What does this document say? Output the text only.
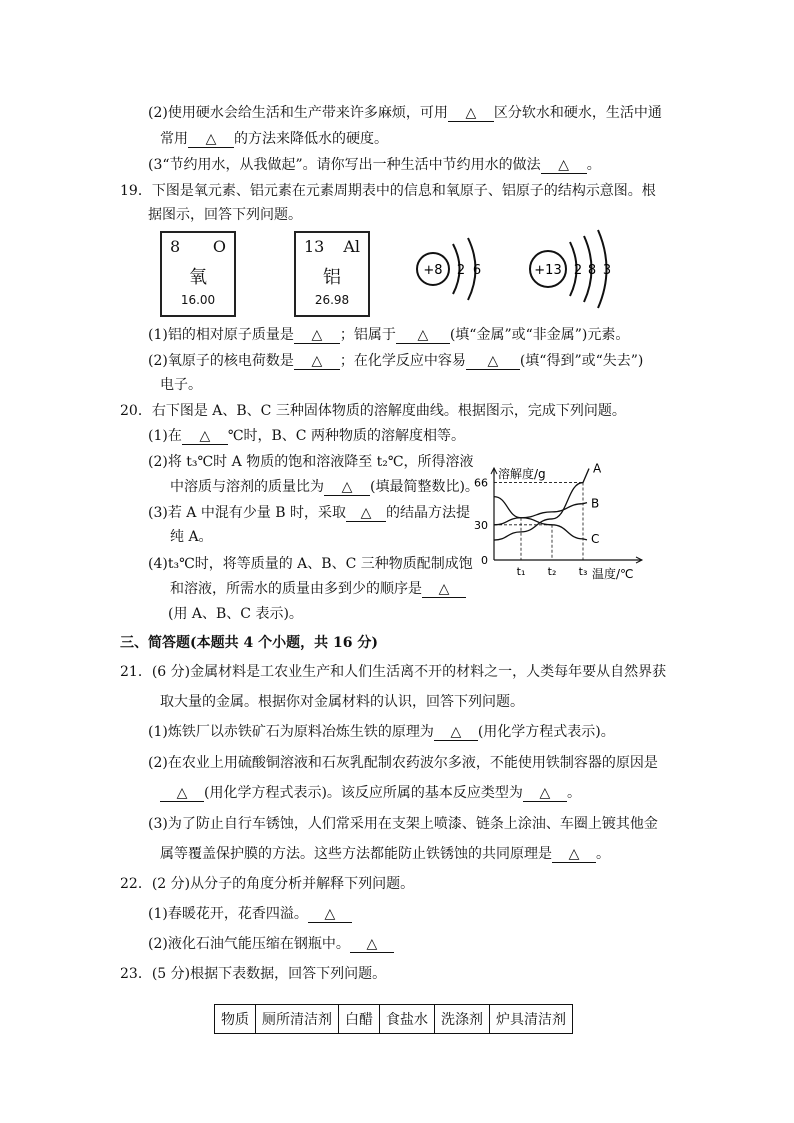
(2)使用硬水会给生活和生产带来许多麻烦，可用 △ 区分软水和硬水，生活中通
常用 △ 的方法来降低水的硬度。
(3“节约用水，从我做起”。请你写出一种生活中节约用水的做法 △ 。
19．下图是氧元素、铝元素在元素周期表中的信息和氧原子、铝原子的结构示意图。根
据图示，回答下列问题。
8 O
氧
16.00
13 Al
铝
26.98
+8 2 6	+13 2 8 3
(1)铝的相对原子质量是 △ ；铝属于 △ (填“金属”或“非金属”)元素。
(2)氧原子的核电荷数是 △ ；在化学反应中容易 △ (填“得到”或“失去”)
电子。
20．右下图是 A、B、C 三种固体物质的溶解度曲线。根据图示，完成下列问题。
(1)在 △ ℃时，B、C 两种物质的溶解度相等。
(2)将 t₃℃时 A 物质的饱和溶液降至 t₂℃，所得溶液
中溶质与溶剂的质量比为 △ (填最简整数比)。
(3)若 A 中混有少量 B 时，采取 △ 的结晶方法提
纯 A。
(4)t₃℃时，将等质量的 A、B、C 三种物质配制成饱
和溶液，所需水的质量由多到少的顺序是 △
(用 A、B、C 表示)。
溶解度/g
温度/℃
66
30
0
t₁ t₂ t₃
A
B
C
三、简答题(本题共 4 个小题，共 16 分)
21．(6 分)金属材料是工农业生产和人们生活离不开的材料之一，人类每年要从自然界获
取大量的金属。根据你对金属材料的认识，回答下列问题。
(1)炼铁厂以赤铁矿石为原料冶炼生铁的原理为 △ (用化学方程式表示)。
(2)在农业上用硫酸铜溶液和石灰乳配制农药波尔多液，不能使用铁制容器的原因是
△ (用化学方程式表示)。该反应所属的基本反应类型为 △ 。
(3)为了防止自行车锈蚀，人们常采用在支架上喷漆、链条上涂油、车圈上镀其他金
属等覆盖保护膜的方法。这些方法都能防止铁锈蚀的共同原理是 △ 。
22．(2 分)从分子的角度分析并解释下列问题。
(1)春暖花开，花香四溢。 △
(2)液化石油气能压缩在钢瓶中。 △
23．(5 分)根据下表数据，回答下列问题。
物质	厕所清洁剂	白醋	食盐水	洗涤剂	炉具清洁剂
